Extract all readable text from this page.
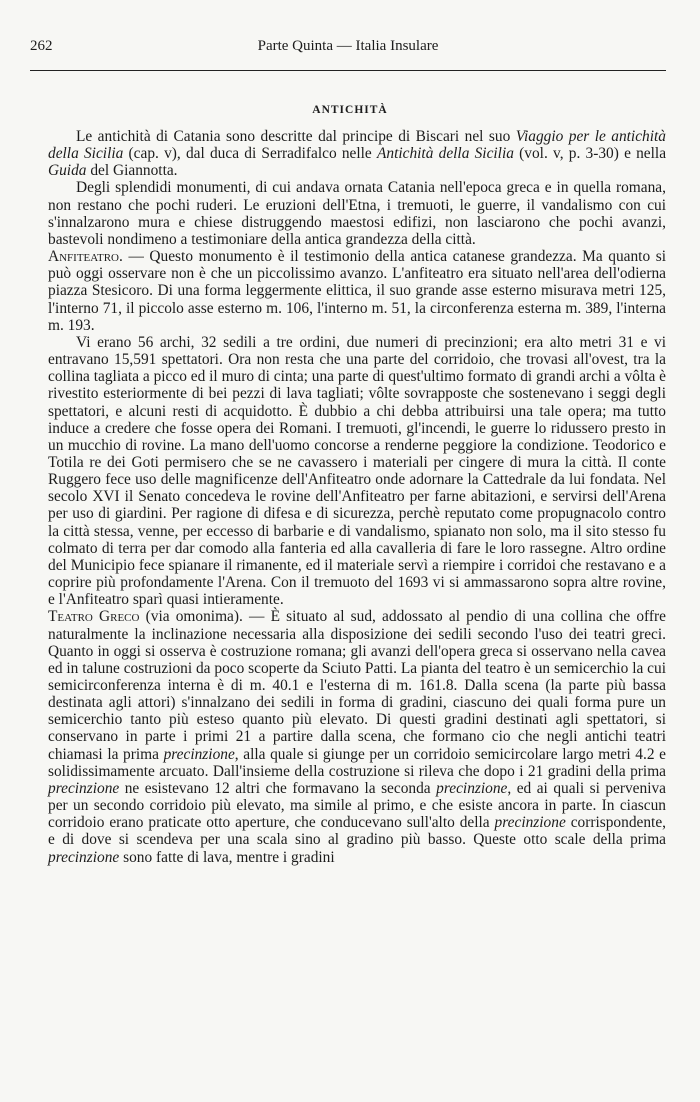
262	Parte Quinta — Italia Insulare
ANTICHITÀ

Le antichità di Catania sono descritte dal principe di Biscari nel suo Viaggio per le antichità della Sicilia (cap. v), dal duca di Serradifalco nelle Antichità della Sicilia (vol. v, p. 3-30) e nella Guida del Giannotta.

Degli splendidi monumenti, di cui andava ornata Catania nell'epoca greca e in quella romana, non restano che pochi ruderi. Le eruzioni dell'Etna, i tremuoti, le guerre, il vandalismo con cui s'innalzarono mura e chiese distruggendo maestosi edifizi, non lasciarono che pochi avanzi, bastevoli nondimeno a testimoniare della antica grandezza della città.

Anfiteatro. — Questo monumento è il testimonio della antica catanese grandezza. Ma quanto si può oggi osservare non è che un piccolissimo avanzo. L'anfiteatro era situato nell'area dell'odierna piazza Stesicoro. Di una forma leggermente elittica, il suo grande asse esterno misurava metri 125, l'interno 71, il piccolo asse esterno m. 106, l'interno m. 51, la circonferenza esterna m. 389, l'interna m. 193.

Vi erano 56 archi, 32 sedili a tre ordini, due numeri di precinzioni; era alto metri 31 e vi entravano 15,591 spettatori. Ora non resta che una parte del corridoio, che trovasi all'ovest, tra la collina tagliata a picco ed il muro di cinta; una parte di quest'ultimo formato di grandi archi a vôlta è rivestito esteriormente di bei pezzi di lava tagliati; vôlte sovrapposte che sostenevano i seggi degli spettatori, e alcuni resti di acquidotto. È dubbio a chi debba attribuirsi una tale opera; ma tutto induce a credere che fosse opera dei Romani. I tremuoti, gl'incendi, le guerre lo ridussero presto in un mucchio di rovine. La mano dell'uomo concorse a renderne peggiore la condizione. Teodorico e Totila re dei Goti permisero che se ne cavassero i materiali per cingere di mura la città. Il conte Ruggero fece uso delle magnificenze dell'Anfiteatro onde adornare la Cattedrale da lui fondata. Nel secolo XVI il Senato concedeva le rovine dell'Anfiteatro per farne abitazioni, e servirsi dell'Arena per uso di giardini. Per ragione di difesa e di sicurezza, perchè reputato come propugnacolo contro la città stessa, venne, per eccesso di barbarie e di vandalismo, spianato non solo, ma il sito stesso fu colmato di terra per dar comodo alla fanteria ed alla cavalleria di fare le loro rassegne. Altro ordine del Municipio fece spianare il rimanente, ed il materiale servì a riempire i corridoi che restavano e a coprire più profondamente l'Arena. Con il tremuoto del 1693 vi si ammassarono sopra altre rovine, e l'Anfiteatro sparì quasi intieramente.

Teatro Greco (via omonima). — È situato al sud, addossato al pendio di una collina che offre naturalmente la inclinazione necessaria alla disposizione dei sedili secondo l'uso dei teatri greci. Quanto in oggi si osserva è costruzione romana; gli avanzi dell'opera greca si osservano nella cavea ed in talune costruzioni da poco scoperte da Sciuto Patti. La pianta del teatro è un semicerchio la cui semicirconferenza interna è di m. 40.1 e l'esterna di m. 161.8. Dalla scena (la parte più bassa destinata agli attori) s'innalzano dei sedili in forma di gradini, ciascuno dei quali forma pure un semicerchio tanto più esteso quanto più elevato. Di questi gradini destinati agli spettatori, si conservano in parte i primi 21 a partire dalla scena, che formano cio che negli antichi teatri chiamasi la prima precinzione, alla quale si giunge per un corridoio semicircolare largo metri 4.2 e solidissimamente arcuato. Dall'insieme della costruzione si rileva che dopo i 21 gradini della prima precinzione ne esistevano 12 altri che formavano la seconda precinzione, ed ai quali si perveniva per un secondo corridoio più elevato, ma simile al primo, e che esiste ancora in parte. In ciascun corridoio erano praticate otto aperture, che conducevano sull'alto della precinzione corrispondente, e di dove si scendeva per una scala sino al gradino più basso. Queste otto scale della prima precinzione sono fatte di lava, mentre i gradini
